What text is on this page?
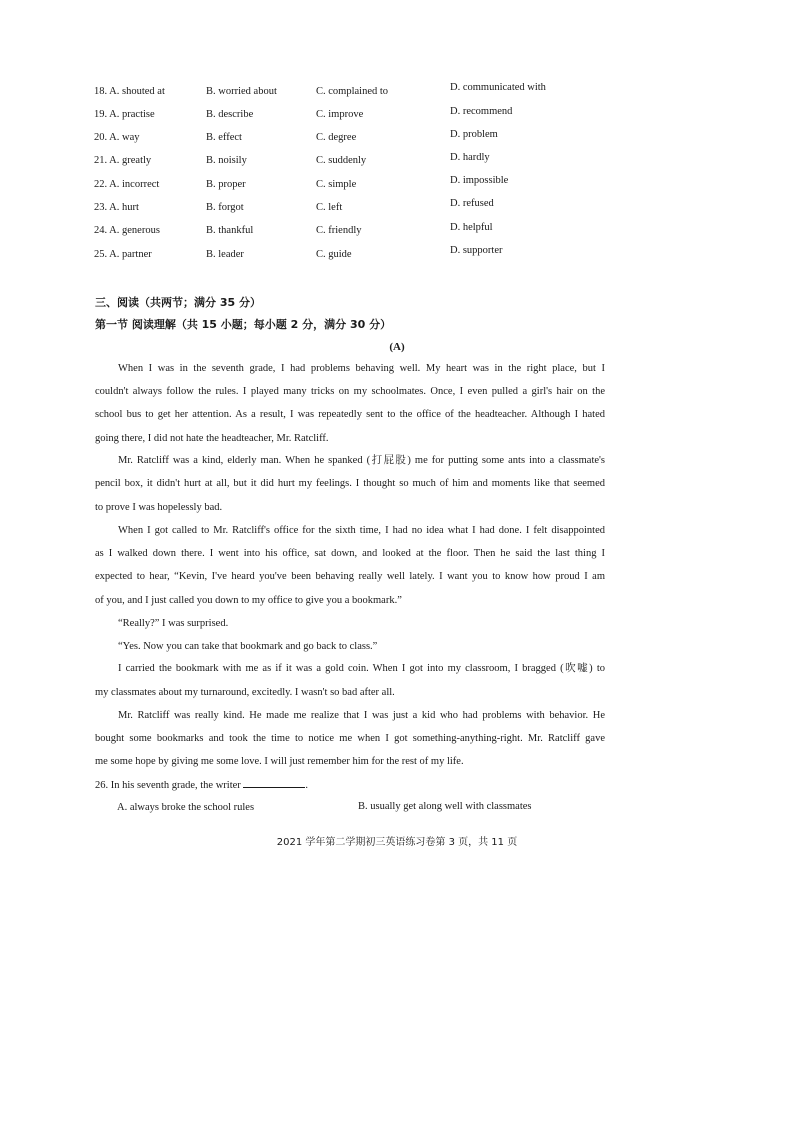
18. A. shouted at	B. worried about	C. complained to	D. communicated with
19. A. practise	B. describe	C. improve	D. recommend
20. A. way	B. effect	C. degree	D. problem
21. A. greatly	B. noisily	C. suddenly	D. hardly
22. A. incorrect	B. proper	C. simple	D. impossible
23. A. hurt	B. forgot	C. left	D. refused
24. A. generous	B. thankful	C. friendly	D. helpful
25. A. partner	B. leader	C. guide	D. supporter
三、阅读（共两节；满分 35 分）
第一节 阅读理解（共 15 小题；每小题 2 分，满分 30 分）
(A)
When I was in the seventh grade, I had problems behaving well. My heart was in the right place, but I
couldn't always follow the rules. I played many tricks on my schoolmates. Once, I even pulled a girl's hair on the
school bus to get her attention. As a result, I was repeatedly sent to the office of the headteacher. Although I hated
going there, I did not hate the headteacher, Mr. Ratcliff.
Mr. Ratcliff was a kind, elderly man. When he spanked (打屁股) me for putting some ants into a classmate's
pencil box, it didn't hurt at all, but it did hurt my feelings. I thought so much of him and moments like that seemed
to prove I was hopelessly bad.
When I got called to Mr. Ratcliff's office for the sixth time, I had no idea what I had done. I felt disappointed
as I walked down there. I went into his office, sat down, and looked at the floor. Then he said the last thing I
expected to hear, “Kevin, I've heard you've been behaving really well lately. I want you to know how proud I am
of you, and I just called you down to my office to give you a bookmark.”
“Really?” I was surprised.
“Yes. Now you can take that bookmark and go back to class.”
I carried the bookmark with me as if it was a gold coin. When I got into my classroom, I bragged (吹嘘) to
my classmates about my turnaround, excitedly. I wasn't so bad after all.
Mr. Ratcliff was really kind. He made me realize that I was just a kid who had problems with behavior. He
bought some bookmarks and took the time to notice me when I got something-anything-right. Mr. Ratcliff gave
me some hope by giving me some love. I will just remember him for the rest of my life.
26. In his seventh grade, the writer	.
A. always broke the school rules	B. usually get along well with classmates
2021 学年第二学期初三英语练习卷第 3 页，共 11 页
